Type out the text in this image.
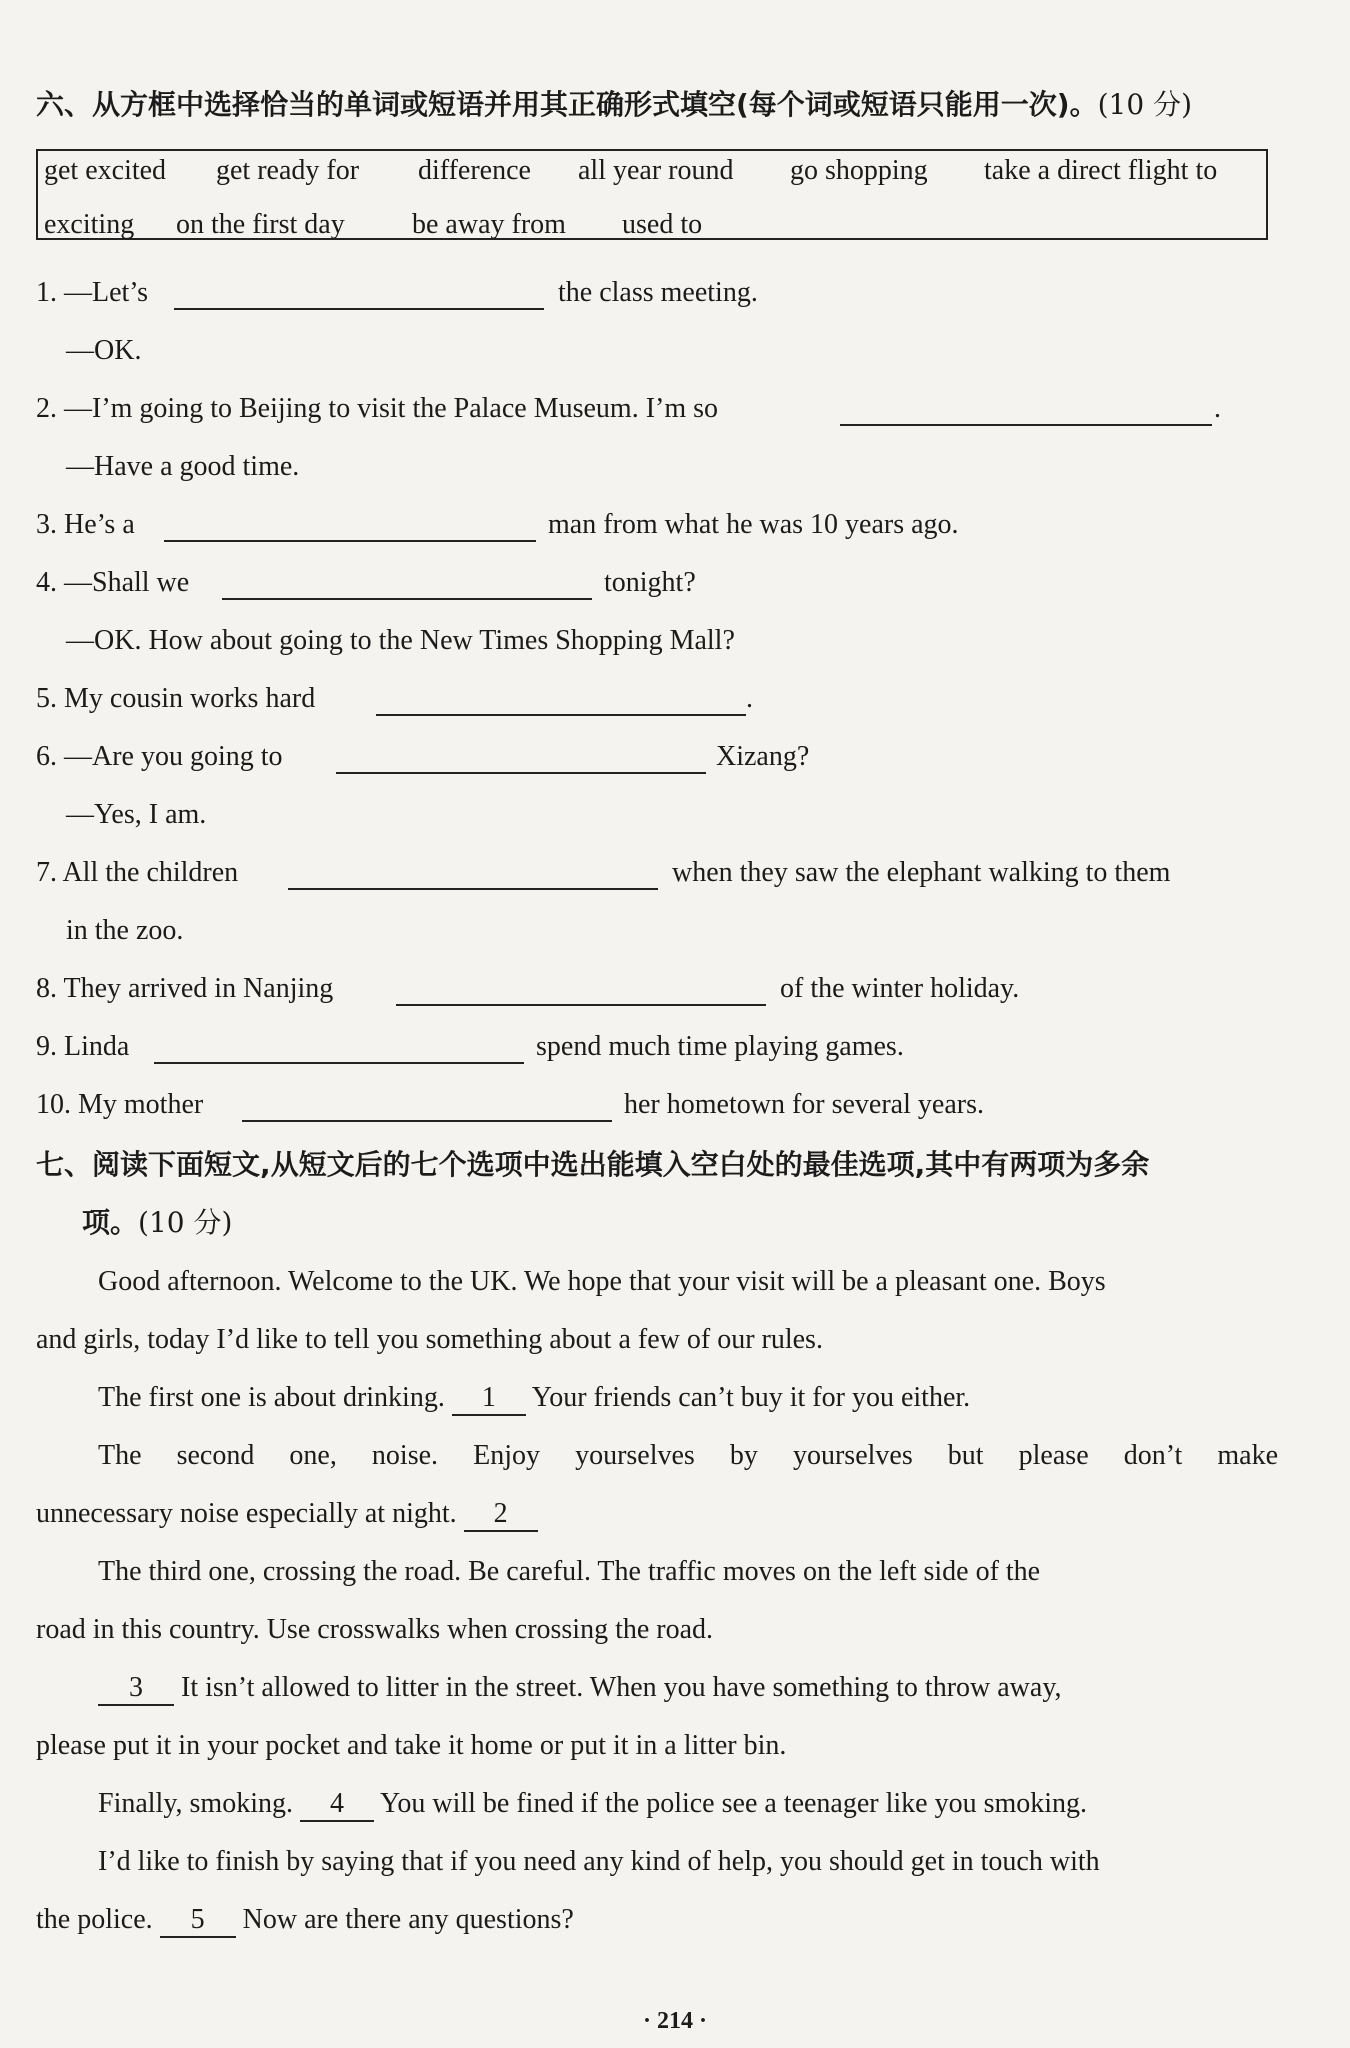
六、从方框中选择恰当的单词或短语并用其正确形式填空(每个词或短语只能用一次)。(10 分)
get excited get ready for difference all year round go shopping take a direct flight to
exciting on the first day be away from used to
1. —Let’s	the class meeting.
—OK.
2. —I’m going to Beijing to visit the Palace Museum. I’m so	.
—Have a good time.
3. He’s a	man from what he was 10 years ago.
4. —Shall we	tonight?
—OK. How about going to the New Times Shopping Mall?
5. My cousin works hard	.
6. —Are you going to	Xizang?
—Yes, I am.
7. All the children	when they saw the elephant walking to them
in the zoo.
8. They arrived in Nanjing	of the winter holiday.
9. Linda	spend much time playing games.
10. My mother	her hometown for several years.
七、阅读下面短文,从短文后的七个选项中选出能填入空白处的最佳选项,其中有两项为多余
项。(10 分)
Good afternoon. Welcome to the UK. We hope that your visit will be a pleasant one. Boys
and girls, today I’d like to tell you something about a few of our rules.
The first one is about drinking. 1 Your friends can’t buy it for you either.
The second one, noise. Enjoy yourselves by yourselves but please don’t make
unnecessary noise especially at night. 2
The third one, crossing the road. Be careful. The traffic moves on the left side of the
road in this country. Use crosswalks when crossing the road.
3 It isn’t allowed to litter in the street. When you have something to throw away,
please put it in your pocket and take it home or put it in a litter bin.
Finally, smoking. 4 You will be fined if the police see a teenager like you smoking.
I’d like to finish by saying that if you need any kind of help, you should get in touch with
the police. 5 Now are there any questions?
· 214 ·
